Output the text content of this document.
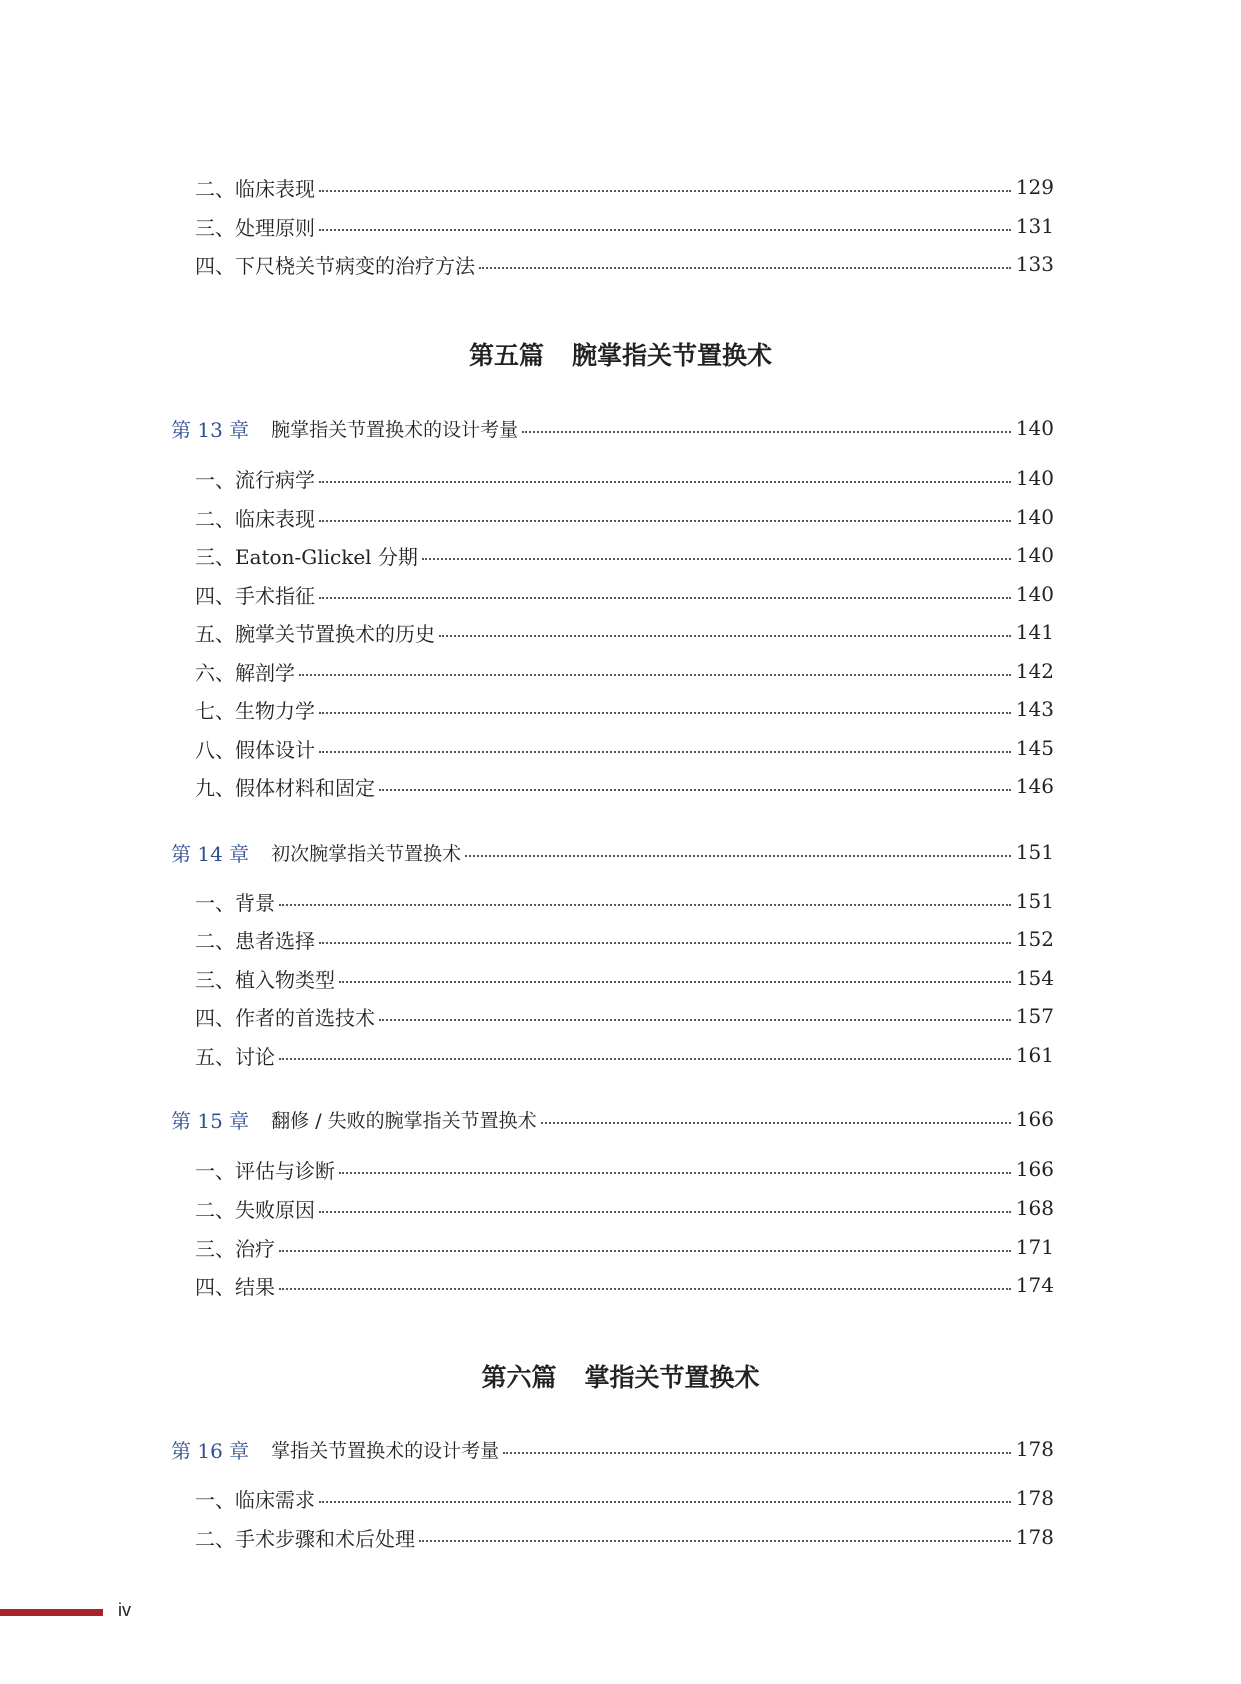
二、临床表现	129
三、处理原则	131
四、下尺桡关节病变的治疗方法	133
第五篇 腕掌指关节置换术
第 13 章 腕掌指关节置换术的设计考量	140
一、流行病学	140
二、临床表现	140
三、Eaton-Glickel 分期	140
四、手术指征	140
五、腕掌关节置换术的历史	141
六、解剖学	142
七、生物力学	143
八、假体设计	145
九、假体材料和固定	146
第 14 章 初次腕掌指关节置换术	151
一、背景	151
二、患者选择	152
三、植入物类型	154
四、作者的首选技术	157
五、讨论	161
第 15 章 翻修 / 失败的腕掌指关节置换术	166
一、评估与诊断	166
二、失败原因	168
三、治疗	171
四、结果	174
第六篇 掌指关节置换术
第 16 章 掌指关节置换术的设计考量	178
一、临床需求	178
二、手术步骤和术后处理	178
iv
